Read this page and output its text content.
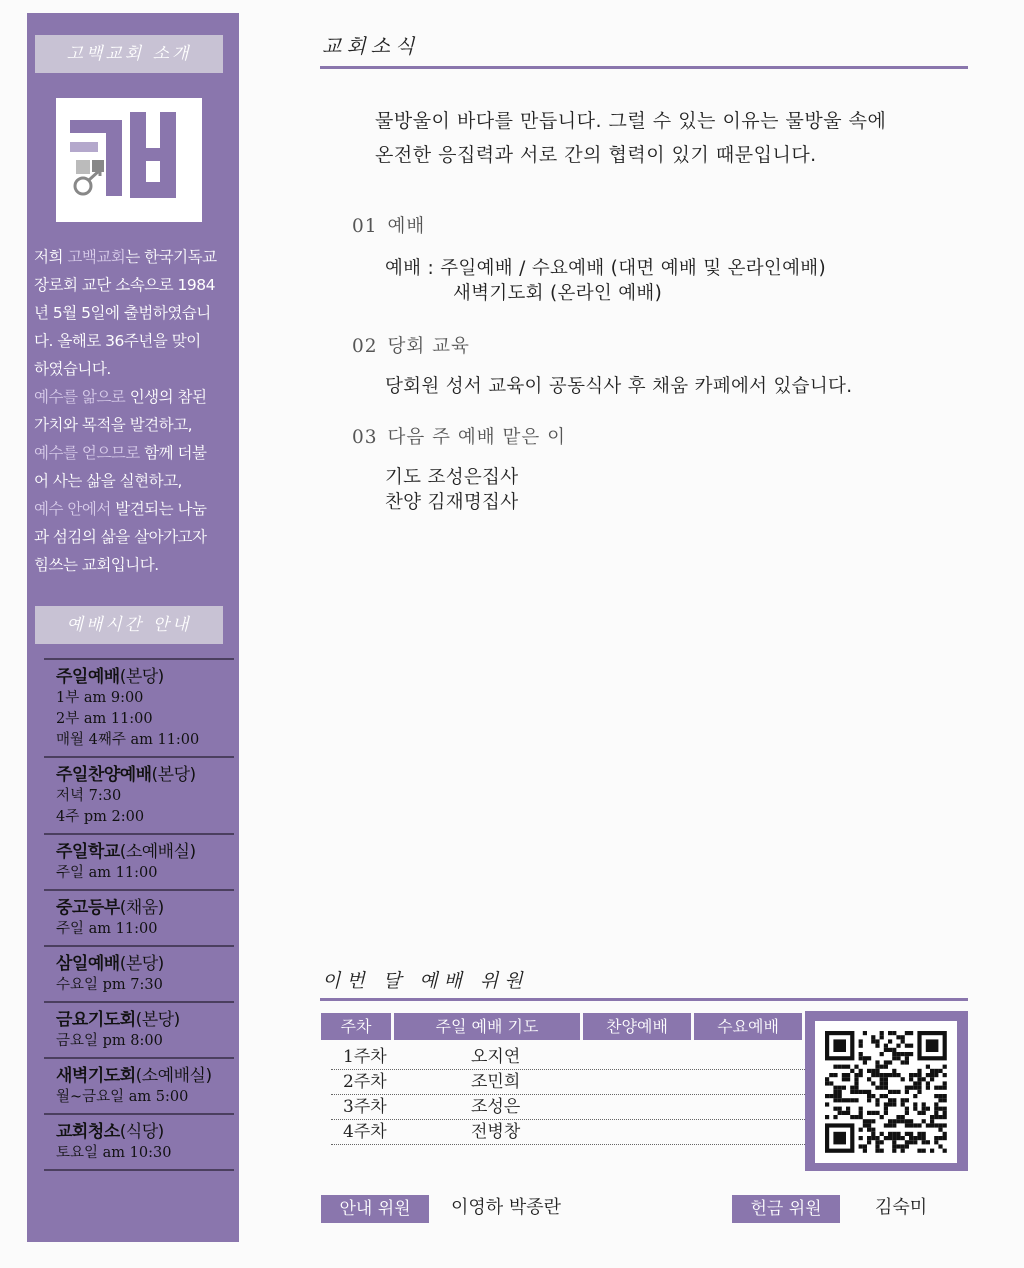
고백교회 소개
저희 고백교회는 한국기독교
장로회 교단 소속으로 1984
년 5월 5일에 출범하였습니
다. 올해로 36주년을 맞이
하였습니다.
예수를 앎으로 인생의 참된
가치와 목적을 발견하고,
예수를 얻으므로 함께 더불
어 사는 삶을 실현하고,
예수 안에서 발견되는 나눔
과 섬김의 삶을 살아가고자
힘쓰는 교회입니다.
예배시간 안내
주일예배(본당)
1부 am 9:00
2부 am 11:00
매월 4째주 am 11:00
주일찬양예배(본당)
저녁 7:30
4주 pm 2:00
주일학교(소예배실)
주일 am 11:00
중고등부(채움)
주일 am 11:00
삼일예배(본당)
수요일 pm 7:30
금요기도회(본당)
금요일 pm 8:00
새벽기도회(소예배실)
월~금요일 am 5:00
교회청소(식당)
토요일 am 10:30
교회소식
물방울이 바다를 만듭니다. 그럴 수 있는 이유는 물방울 속에
온전한 응집력과 서로 간의 협력이 있기 때문입니다.
01 예배
예배 : 주일예배 / 수요예배 (대면 예배 및 온라인예배)
새벽기도회 (온라인 예배)
02 당회 교육
당회원 성서 교육이 공동식사 후 채움 카페에서 있습니다.
03 다음 주 예배 맡은 이
기도 조성은집사
찬양 김재명집사
이번 달 예배 위원
주차	주일 예배 기도	찬양예배	수요예배
1주차	오지연
2주차	조민희
3주차	조성은
4주차	전병창
안내 위원	이영하 박종란	헌금 위원	김숙미
